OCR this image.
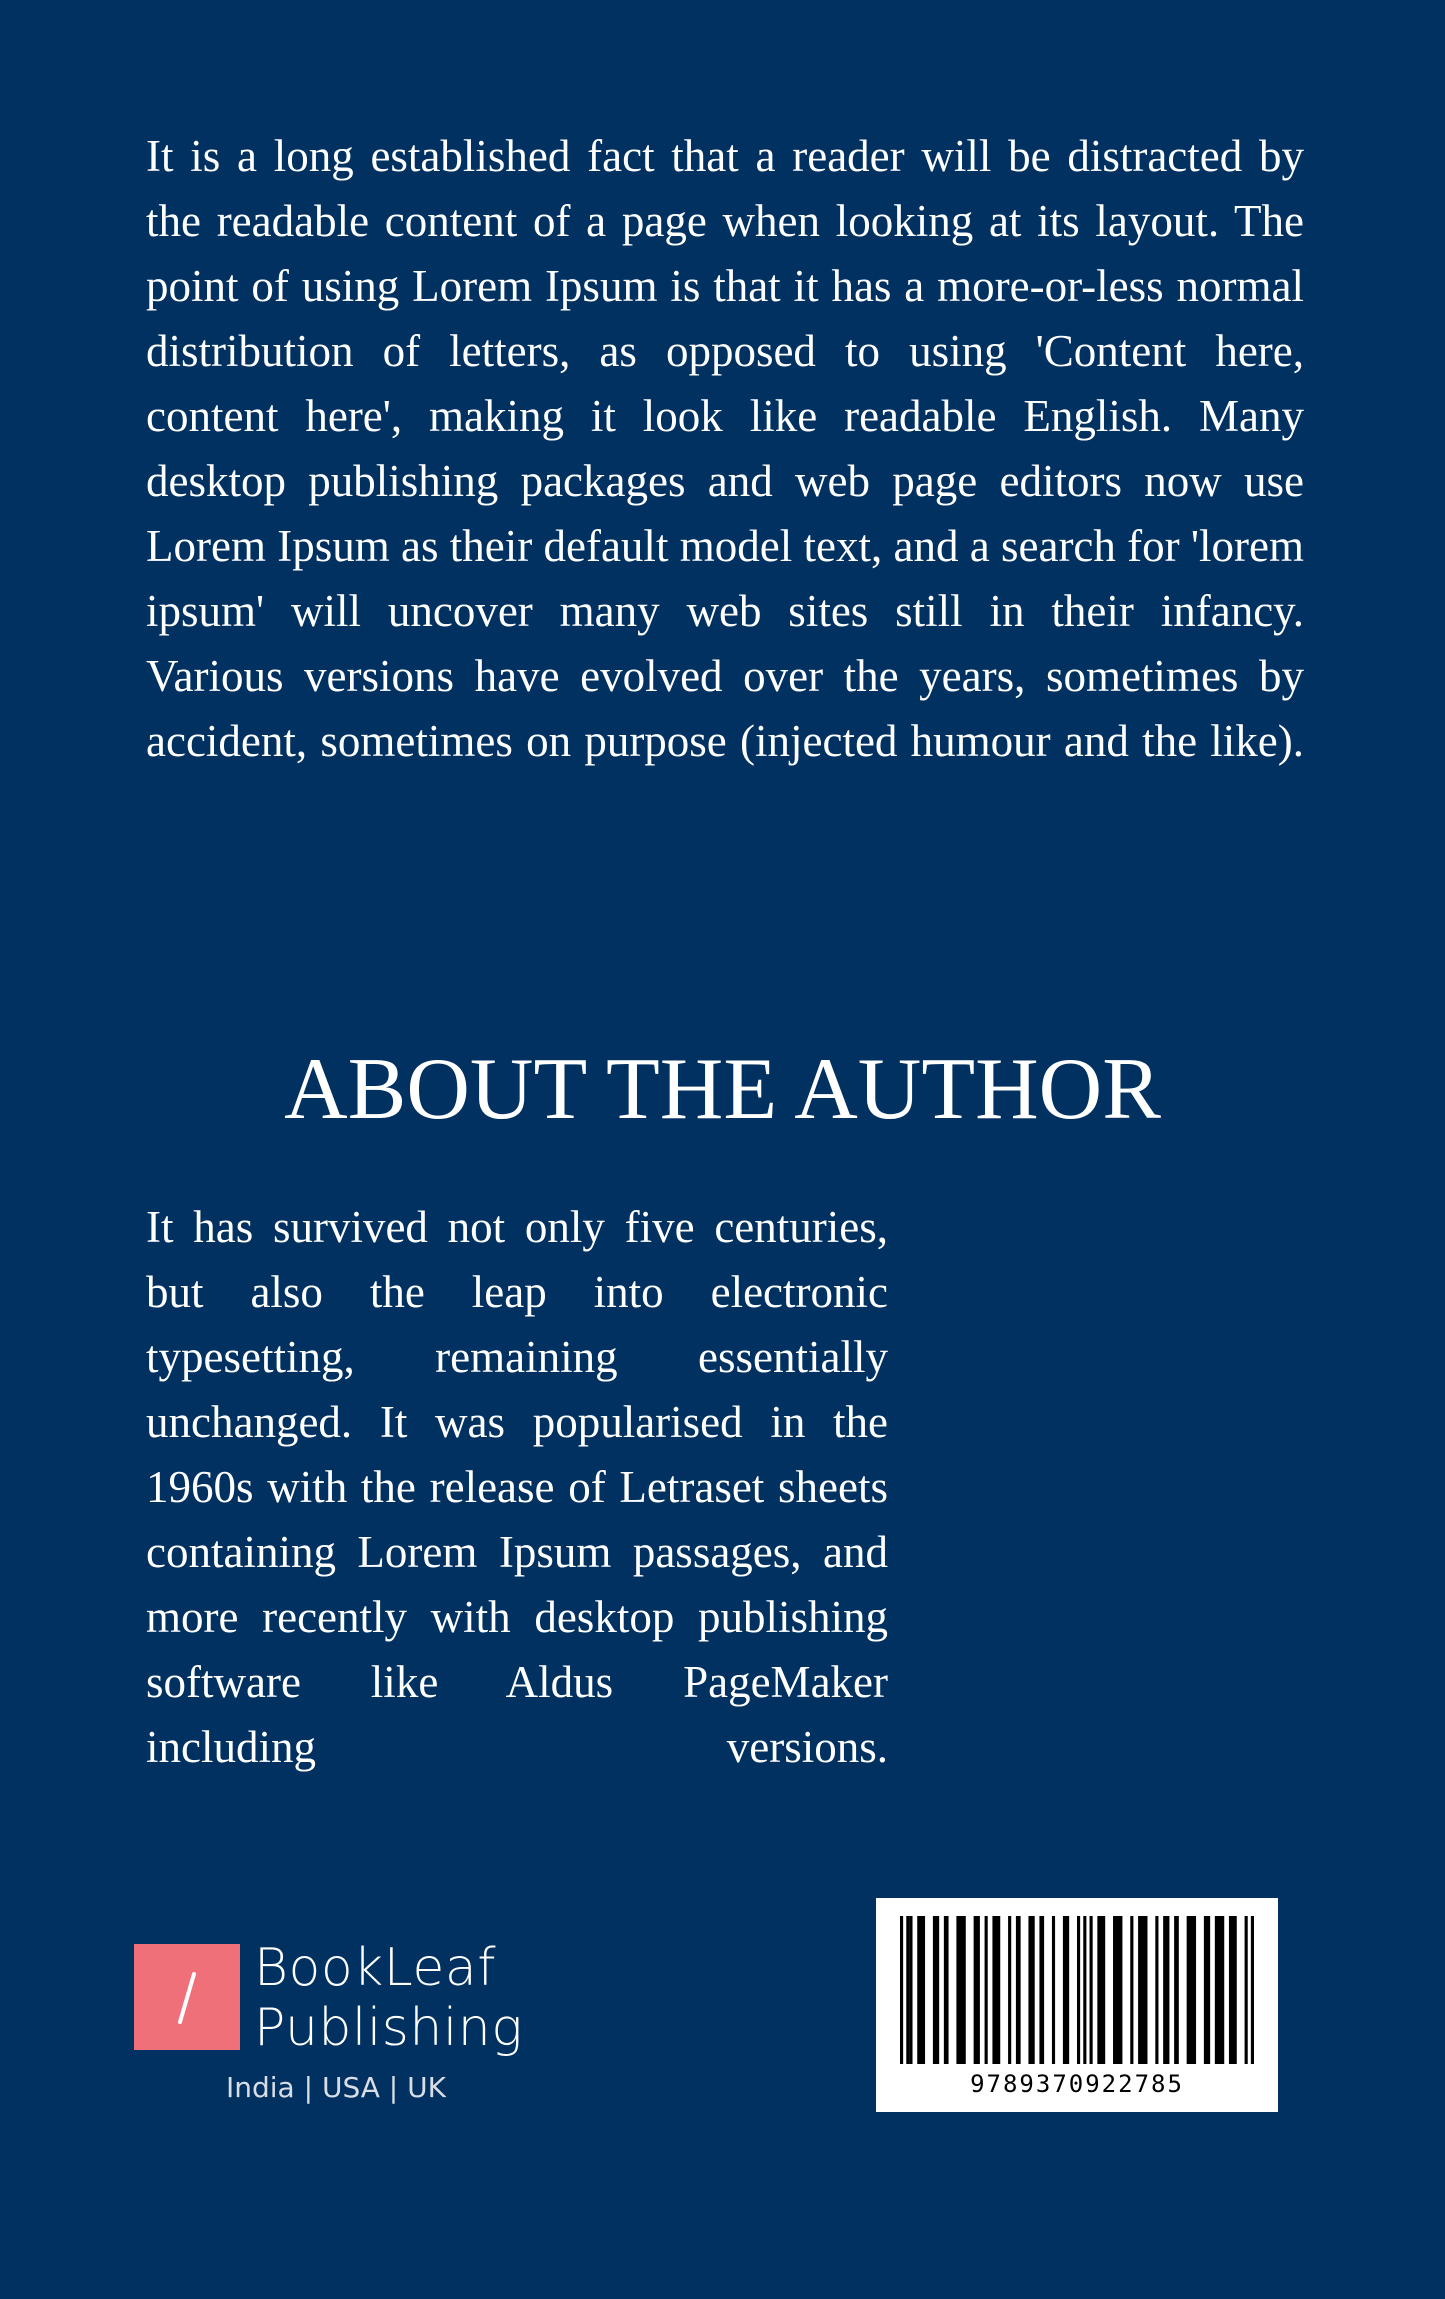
It is a long established fact that a reader will be distracted by the readable content of a page when looking at its layout. The point of using Lorem Ipsum is that it has a more-or-less normal distribution of letters, as opposed to using 'Content here, content here', making it look like readable English. Many desktop publishing packages and web page editors now use Lorem Ipsum as their default model text, and a search for 'lorem ipsum' will uncover many web sites still in their infancy. Various versions have evolved over the years, sometimes by accident, sometimes on purpose (injected humour and the like).

ABOUT THE AUTHOR

It has survived not only five centuries, but also the leap into electronic typesetting, remaining essentially unchanged. It was popularised in the 1960s with the release of Letraset sheets containing Lorem Ipsum passages, and more recently with desktop publishing software like Aldus PageMaker including versions.

BookLeaf
Publishing
India | USA | UK	9789370922785
